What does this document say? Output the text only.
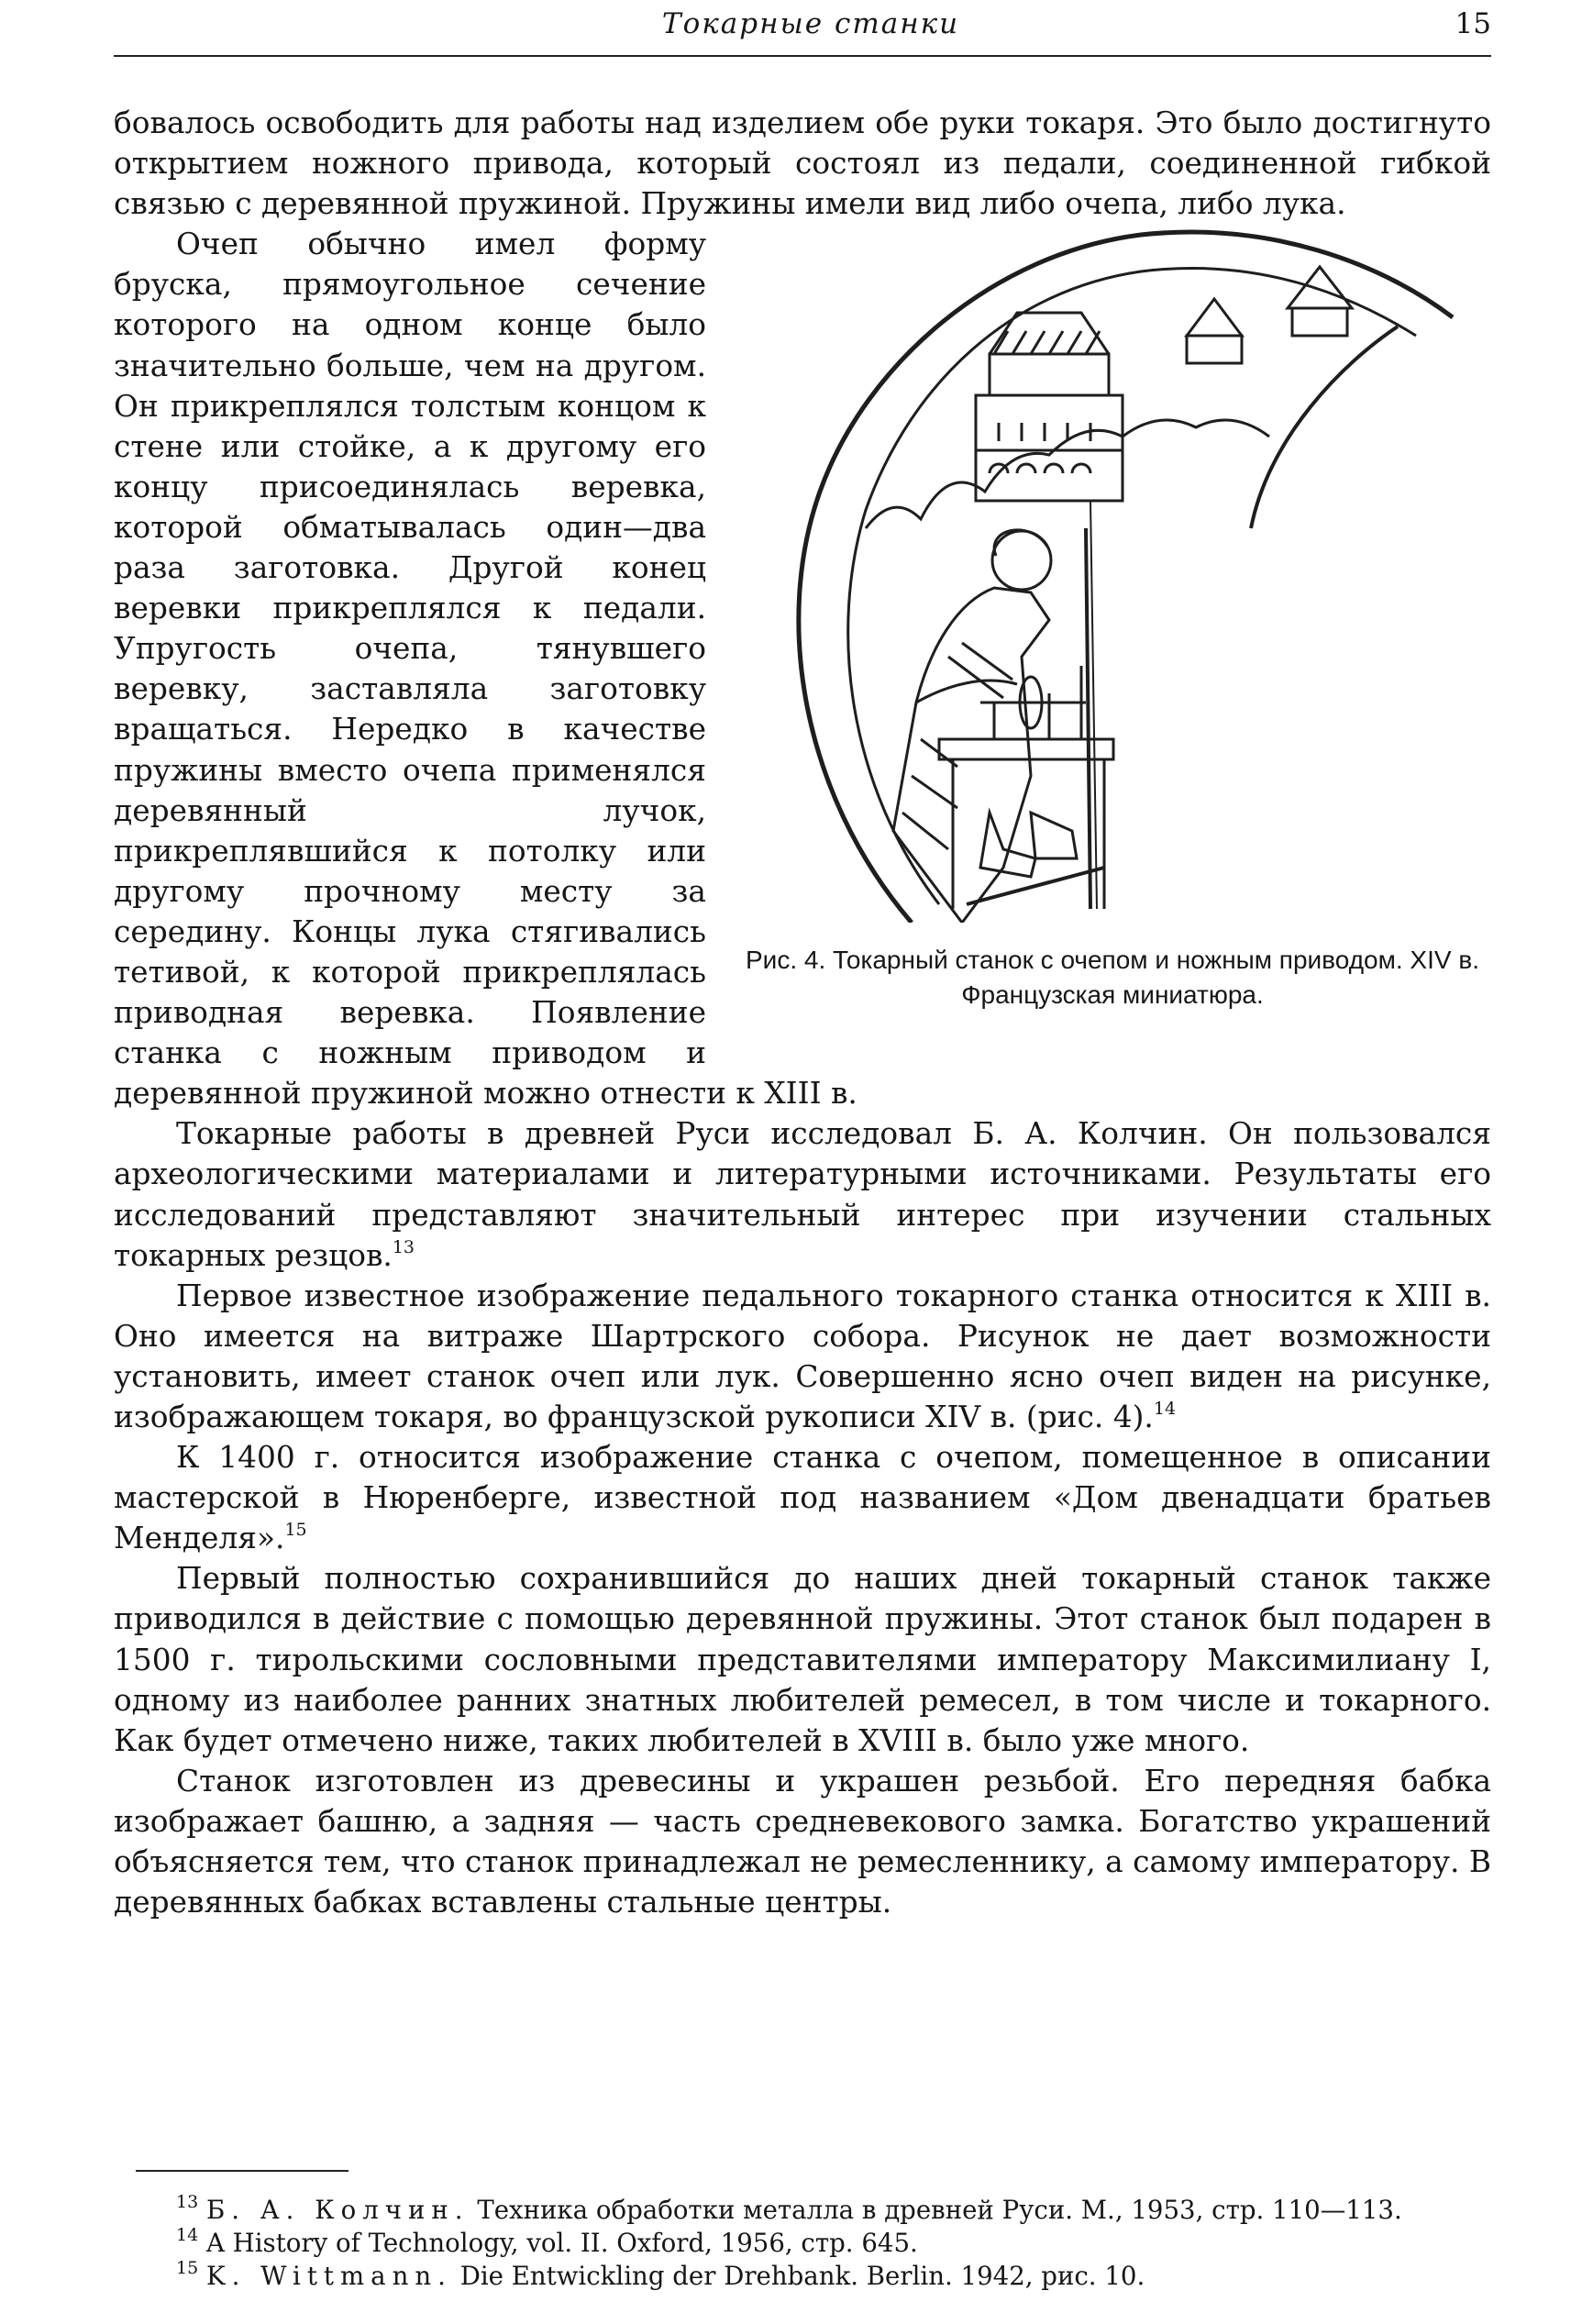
Токарные станки	15

бовалось освободить для работы над изделием обе руки токаря. Это было достигнуто открытием ножного привода, который состоял из педали, соединенной гибкой связью с деревянной пружиной. Пружины имели вид либо очепа, либо лука.

Рис. 4. Токарный станок с очепом и ножным приводом. XIV в. Французская миниатюра.

Очеп обычно имел форму бруска, прямоугольное сечение которого на одном конце было значительно больше, чем на другом. Он прикреплялся толстым концом к стене или стойке, а к другому его концу присоединялась веревка, которой обматывалась один—два раза заготовка. Другой конец веревки прикреплялся к педали. Упругость очепа, тянувшего веревку, заставляла заготовку вращаться. Нередко в качестве пружины вместо очепа применялся деревянный лучок, прикреплявшийся к потолку или другому прочному месту за середину. Концы лука стягивались тетивой, к которой прикреплялась приводная веревка. Появление станка с ножным приводом и деревянной пружиной можно отнести к XIII в.

Токарные работы в древней Руси исследовал Б. А. Колчин. Он пользовался археологическими материалами и литературными источниками. Результаты его исследований представляют значительный интерес при изучении стальных токарных резцов.$^{13}$

Первое известное изображение педального токарного станка относится к XIII в. Оно имеется на витраже Шартрского собора. Рисунок не дает возможности установить, имеет станок очеп или лук. Совершенно ясно очеп виден на рисунке, изображающем токаря, во французской рукописи XIV в. (рис. 4).$^{14}$

К 1400 г. относится изображение станка с очепом, помещенное в описании мастерской в Нюренберге, известной под названием «Дом двенадцати братьев Менделя».$^{15}$

Первый полностью сохранившийся до наших дней токарный станок также приводился в действие с помощью деревянной пружины. Этот станок был подарен в 1500 г. тирольскими сословными представителями императору Максимилиану I, одному из наиболее ранних знатных любителей ремесел, в том числе и токарного. Как будет отмечено ниже, таких любителей в XVIII в. было уже много.

Станок изготовлен из древесины и украшен резьбой. Его передняя бабка изображает башню, а задняя — часть средневекового замка. Богатство украшений объясняется тем, что станок принадлежал не ремесленнику, а самому императору. В деревянных бабках вставлены стальные центры.

$^{13}$ Б. А. Колчин. Техника обработки металла в древней Руси. М., 1953, стр. 110—113.

$^{14}$ A History of Technology, vol. II. Oxford, 1956, стр. 645.

$^{15}$ K. Wittmann. Die Entwickling der Drehbank. Berlin. 1942, рис. 10.
